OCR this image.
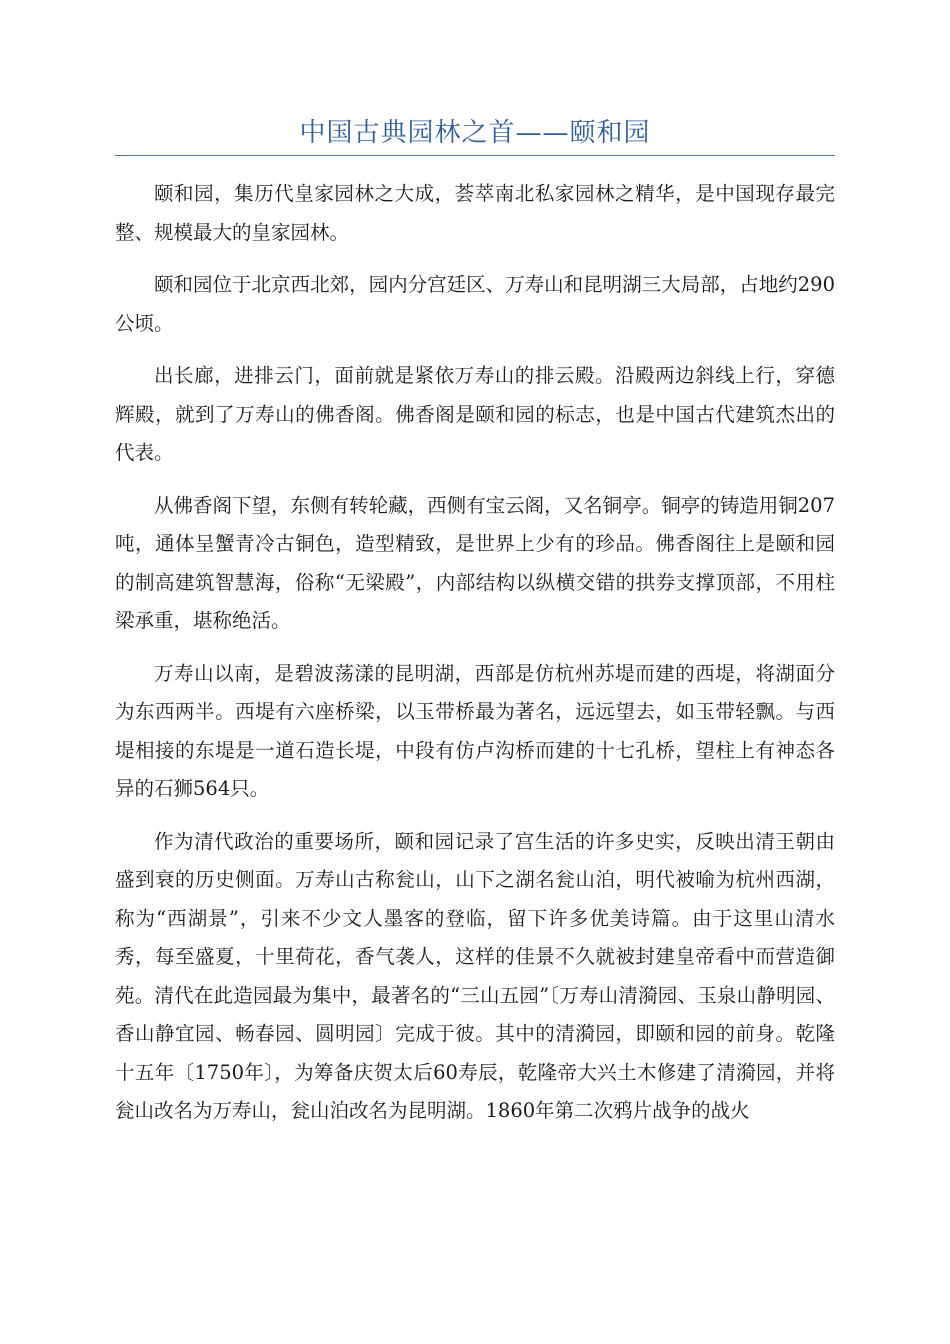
中国古典园林之首——颐和园

颐和园，集历代皇家园林之大成，荟萃南北私家园林之精华，是中国现存最完整、规模最大的皇家园林。

颐和园位于北京西北郊，园内分宫廷区、万寿山和昆明湖三大局部，占地约290公顷。

出长廊，进排云门，面前就是紧依万寿山的排云殿。沿殿两边斜线上行，穿德辉殿，就到了万寿山的佛香阁。佛香阁是颐和园的标志，也是中国古代建筑杰出的代表。

从佛香阁下望，东侧有转轮藏，西侧有宝云阁，又名铜亭。铜亭的铸造用铜207吨，通体呈蟹青冷古铜色，造型精致，是世界上少有的珍品。佛香阁往上是颐和园的制高建筑智慧海，俗称“无梁殿”，内部结构以纵横交错的拱券支撑顶部，不用柱梁承重，堪称绝活。

万寿山以南，是碧波荡漾的昆明湖，西部是仿杭州苏堤而建的西堤，将湖面分为东西两半。西堤有六座桥梁，以玉带桥最为著名，远远望去，如玉带轻飘。与西堤相接的东堤是一道石造长堤，中段有仿卢沟桥而建的十七孔桥，望柱上有神态各异的石狮564只。

作为清代政治的重要场所，颐和园记录了宫生活的许多史实，反映出清王朝由盛到衰的历史侧面。万寿山古称瓮山，山下之湖名瓮山泊，明代被喻为杭州西湖，称为“西湖景”，引来不少文人墨客的登临，留下许多优美诗篇。由于这里山清水秀，每至盛夏，十里荷花，香气袭人，这样的佳景不久就被封建皇帝看中而营造御苑。清代在此造园最为集中，最著名的“三山五园”〔万寿山清漪园、玉泉山静明园、香山静宜园、畅春园、圆明园〕完成于彼。其中的清漪园，即颐和园的前身。乾隆十五年〔1750年〕，为筹备庆贺太后60寿辰，乾隆帝大兴土木修建了清漪园，并将瓮山改名为万寿山，瓮山泊改名为昆明湖。1860年第二次鸦片战争的战火
